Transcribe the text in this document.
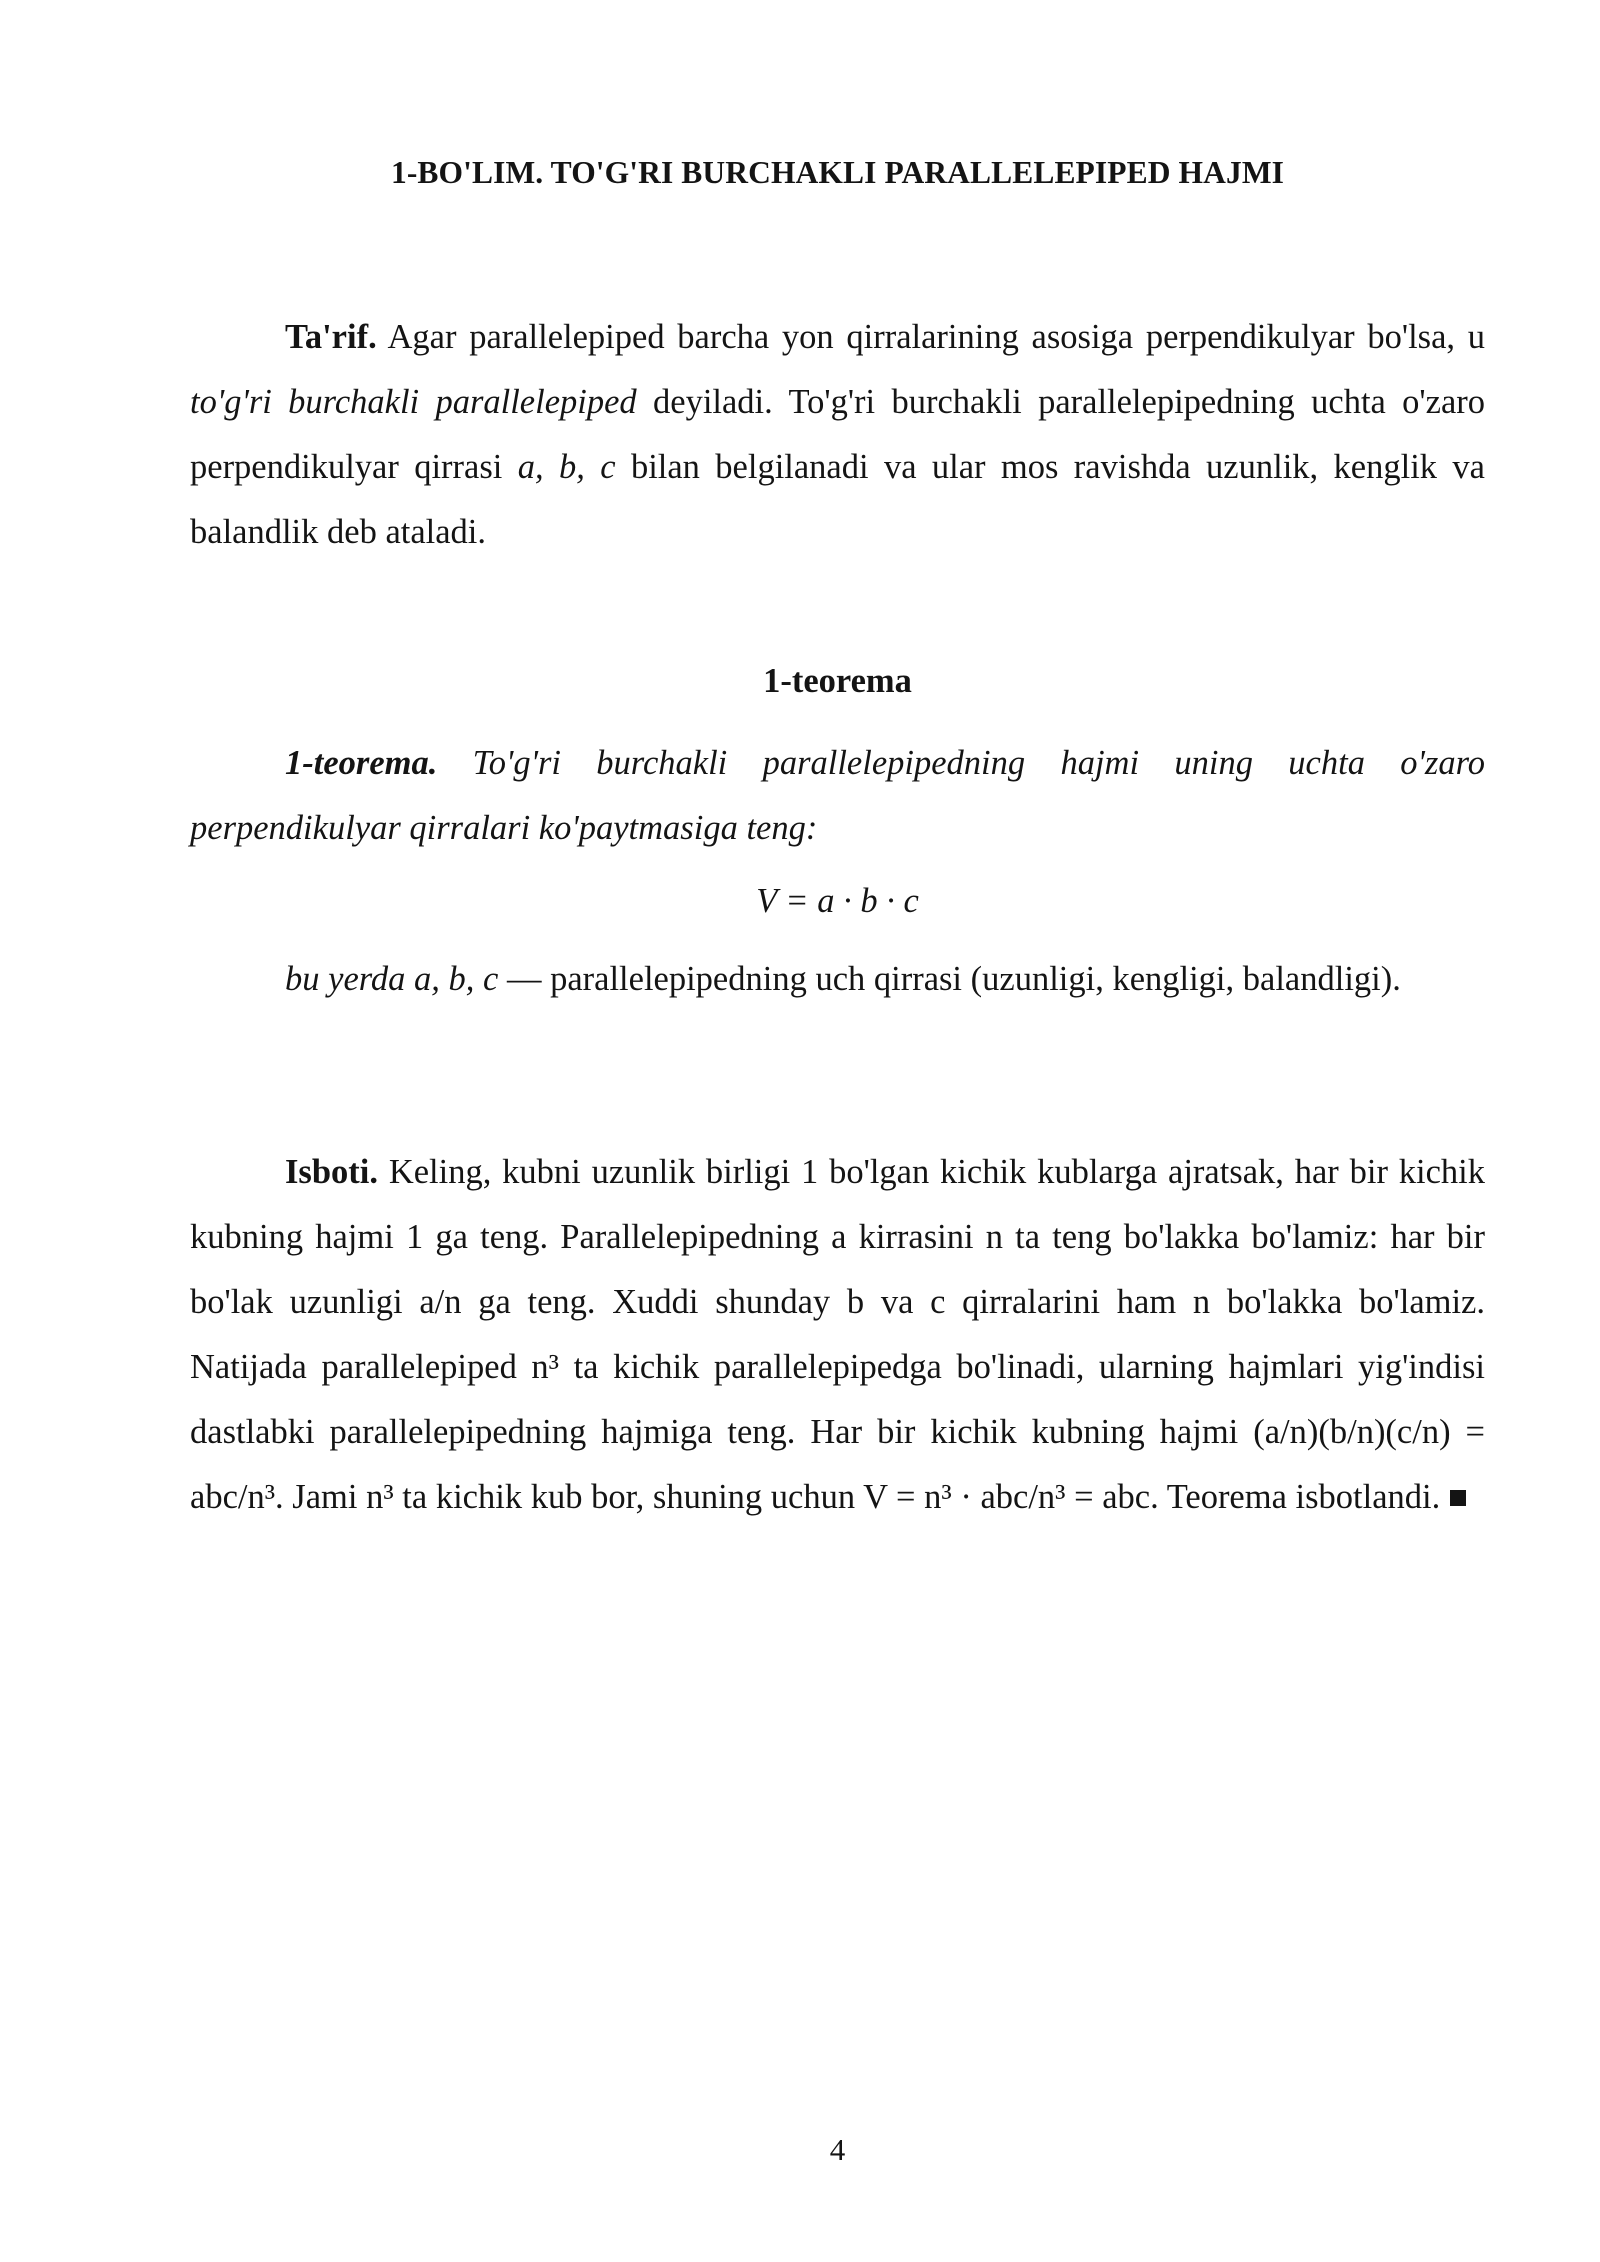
1-BO'LIM. TO'G'RI BURCHAKLI PARALLELEPIPED HAJMI

Ta'rif. Agar parallelepiped barcha yon qirralarining asosiga perpendikulyar bo'lsa, u to'g'ri burchakli parallelepiped deyiladi. To'g'ri burchakli parallelepipedning uchta o'zaro perpendikulyar qirrasi a, b, c bilan belgilanadi va ular mos ravishda uzunlik, kenglik va balandlik deb ataladi.

1-teorema

1-teorema. To'g'ri burchakli parallelepipedning hajmi uning uchta o'zaro perpendikulyar qirralari ko'paytmasiga teng:

V = a · b · c

bu yerda a, b, c — parallelepipedning uch qirrasi (uzunligi, kengligi, balandligi).

Isboti. Keling, kubni uzunlik birligi 1 bo'lgan kichik kublarga ajratsak, har bir kichik kubning hajmi 1 ga teng. Parallelepipedning a kirrasini n ta teng bo'lakka bo'lamiz: har bir bo'lak uzunligi a/n ga teng. Xuddi shunday b va c qirralarini ham n bo'lakka bo'lamiz. Natijada parallelepiped n³ ta kichik parallelepipedga bo'linadi, ularning hajmlari yig'indisi dastlabki parallelepipedning hajmiga teng. Har bir kichik kubning hajmi (a/n)(b/n)(c/n) = abc/n³. Jami n³ ta kichik kub bor, shuning uchun V = n³ · abc/n³ = abc. Teorema isbotlandi.

4
